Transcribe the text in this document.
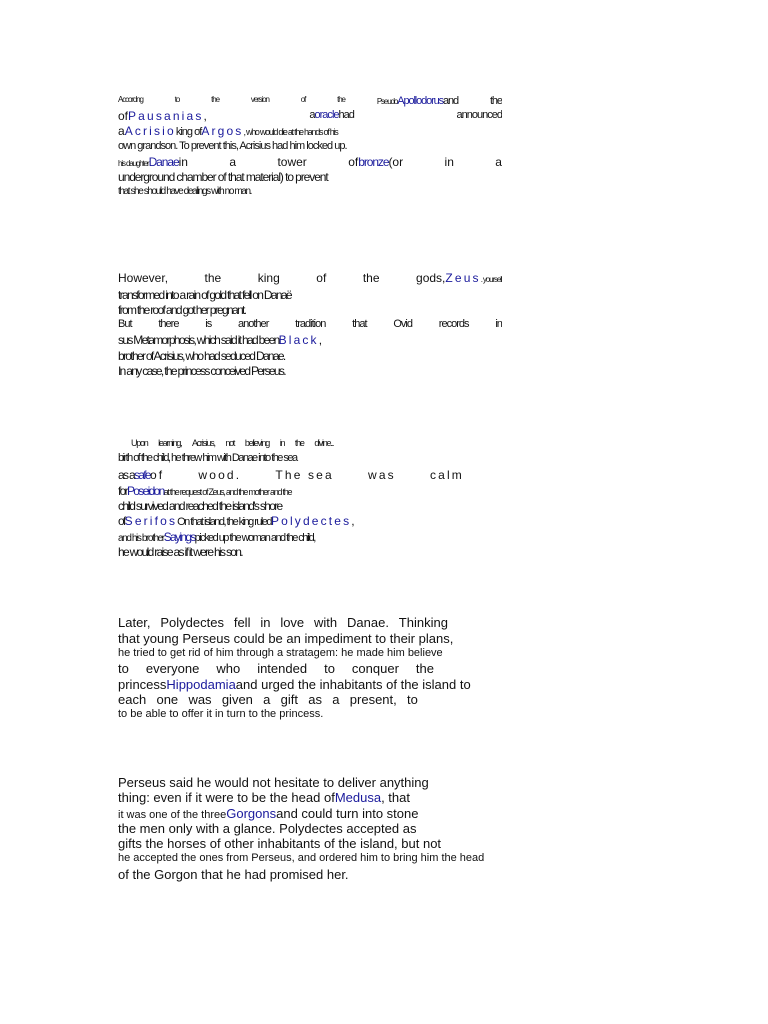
Accordng	to	the	version	of	the	PseudoApollodorusand	the
ofPausanias,	aoraclehad	announced
aAcrisioking ofArgos, who would die at the hands of his
own grandson. To prevent this, Acrisius had him locked up.
his daughterDanaein	a	tower	ofbronze(or	in	a
underground chamber of that material) to prevent
that she should have dealings with no man.
However,	the	king	of	the	gods,Zeus. yourself
transformed into a rain of gold that fell on Danaë
from the roof and got her pregnant.
But there is another tradition that Ovid records in
sus Metamorphosis, which said it had beenBlack,
brother of Acrisius, who had seduced Danae.
In any case, the princess conceived Perseus.
Upon learning, Acrisius, not believing in the divine...
birth of the child, he threw him with Danae into the sea
as asafeof	wood.	The sea	was	calm
forPoseidonat the request of Zeus, and the mother and the
child survived and reached the island's shore
ofSerifosOn that island, the king ruledPolydectes,
and his brotherSayingspicked up the woman and the child,
he would raise as if it were his son.
Later, Polydectes fell in love with Danae. Thinking
that young Perseus could be an impediment to their plans,
he tried to get rid of him through a stratagem: he made him believe
to everyone who intended to conquer the
princessHippodamiaand urged the inhabitants of the island to
each one was given a gift as a present, to
to be able to offer it in turn to the princess.
Perseus said he would not hesitate to deliver anything
thing: even if it were to be the head ofMedusa, that
it was one of the threeGorgonsand could turn into stone
the men only with a glance. Polydectes accepted as
gifts the horses of other inhabitants of the island, but not
he accepted the ones from Perseus, and ordered him to bring him the head
of the Gorgon that he had promised her.
